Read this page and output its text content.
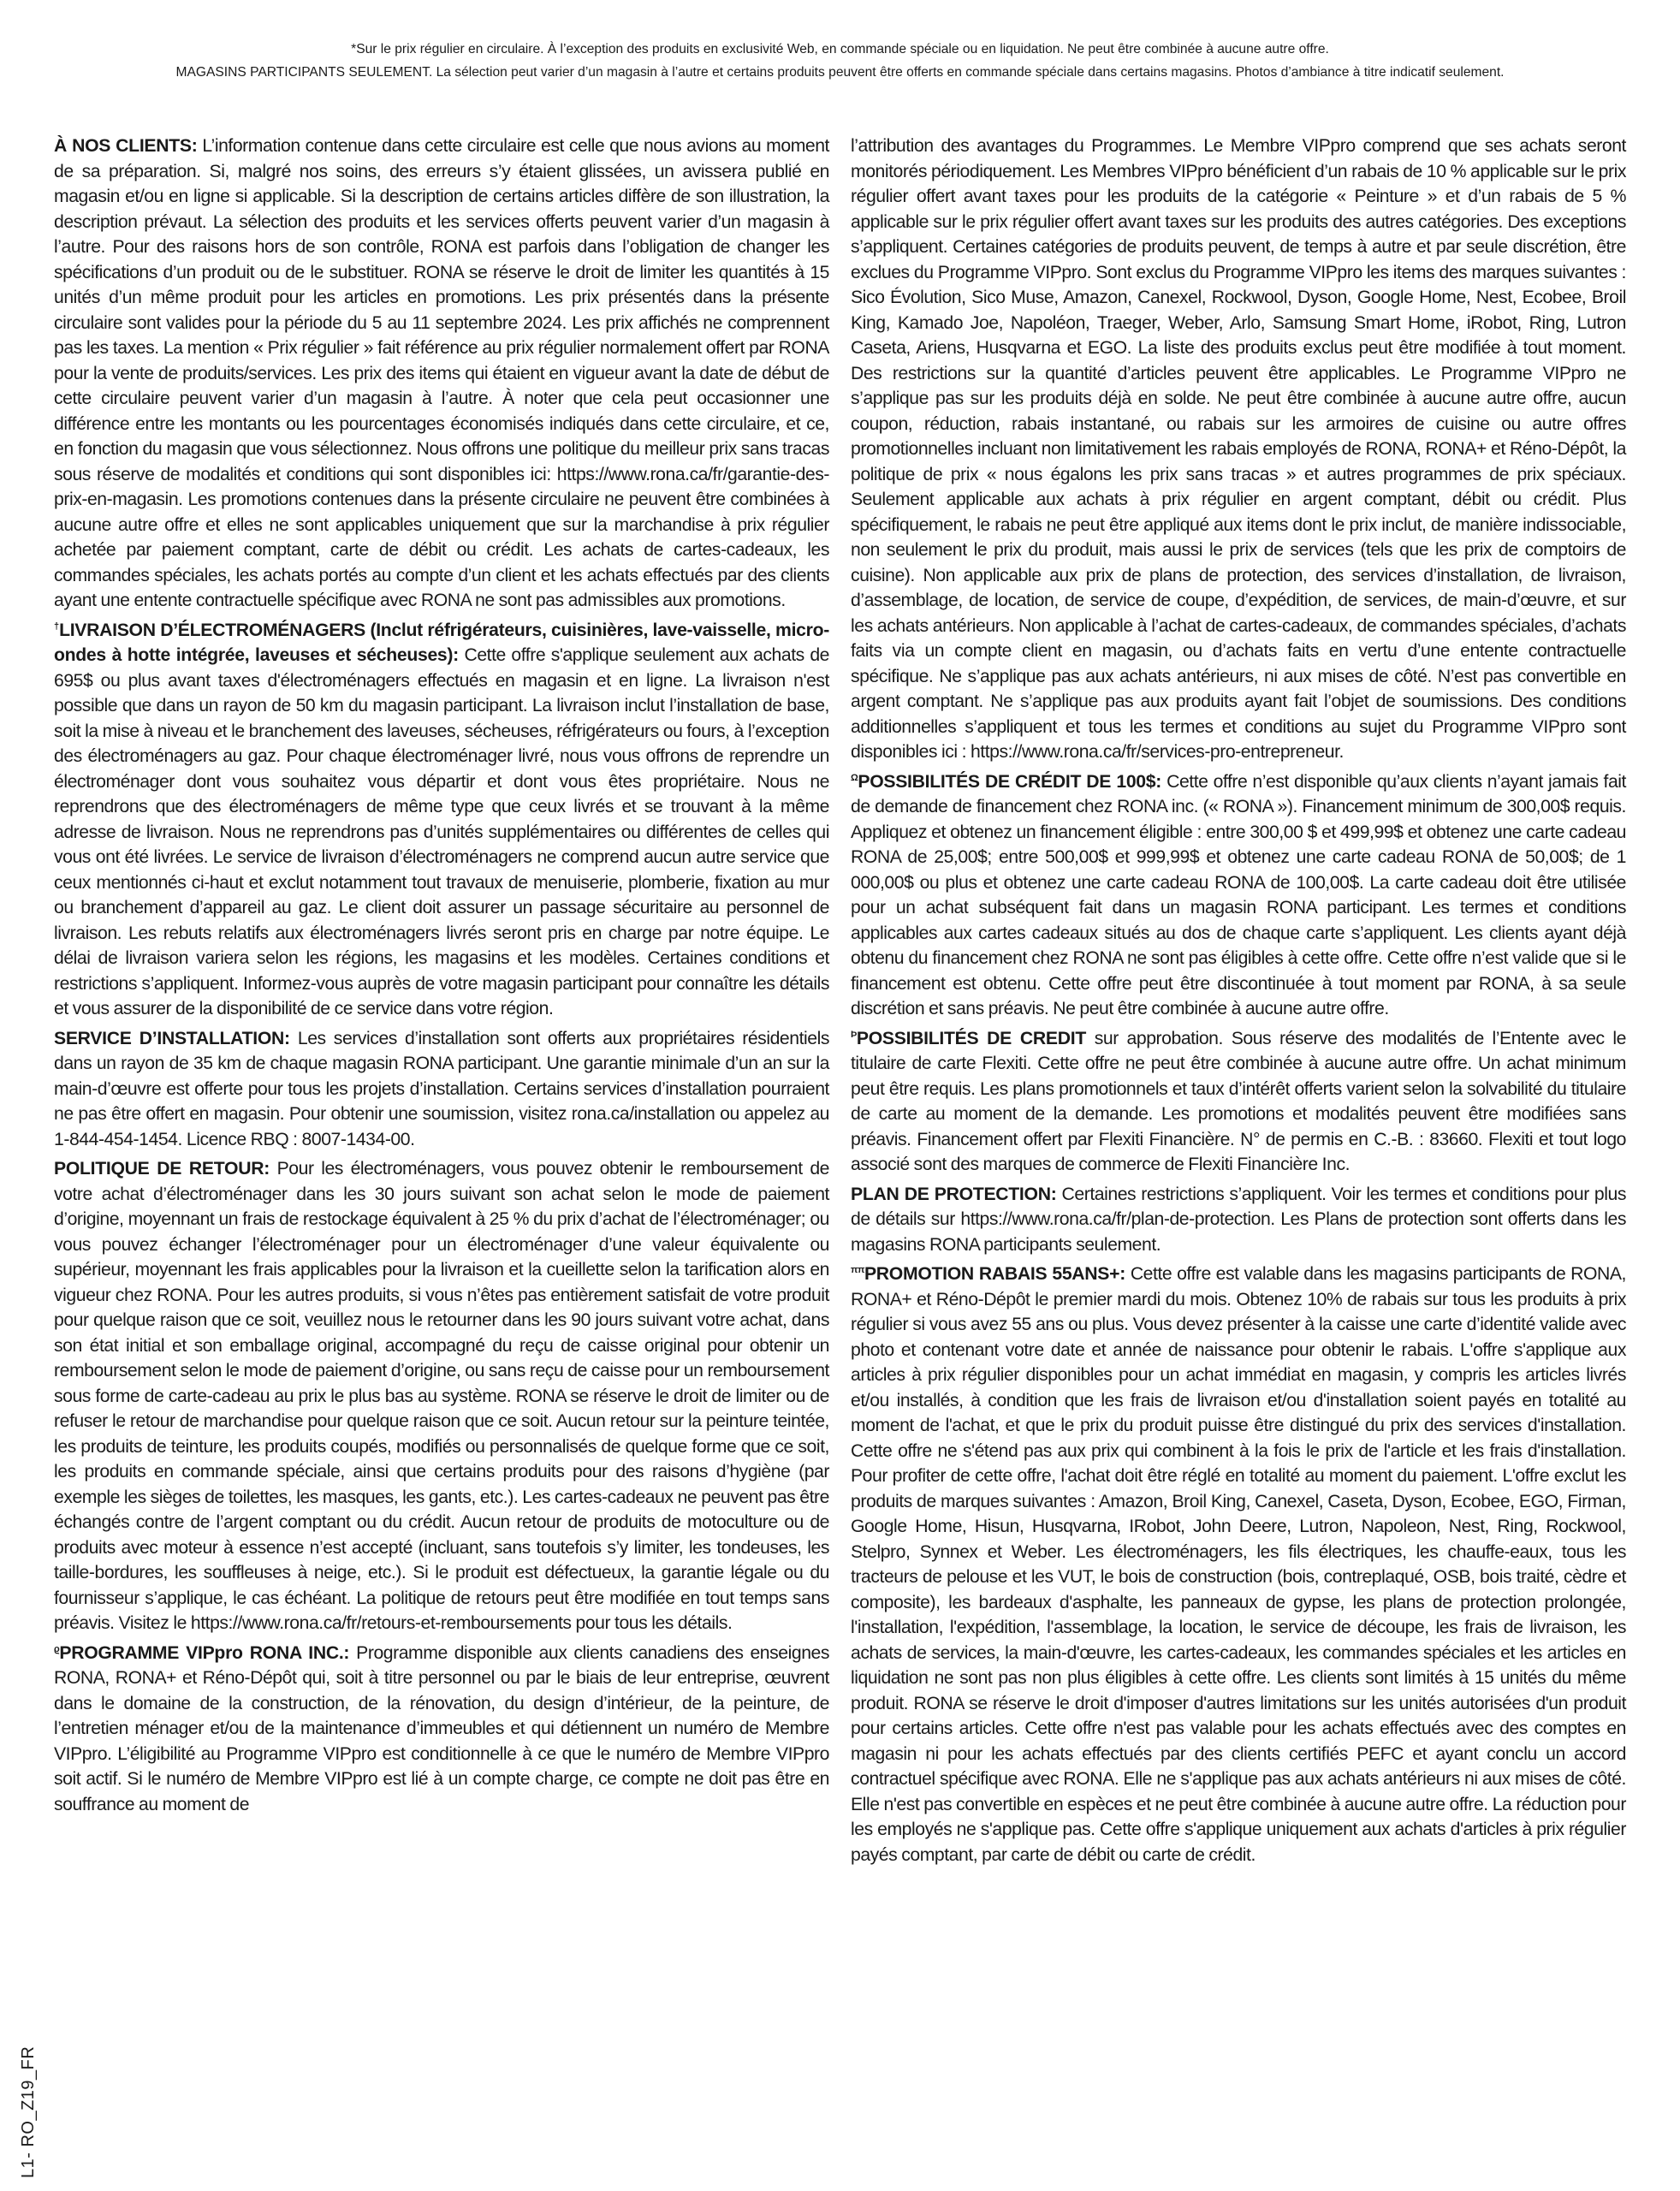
*Sur le prix régulier en circulaire. À l’exception des produits en exclusivité Web, en commande spéciale ou en liquidation. Ne peut être combinée à aucune autre offre.
MAGASINS PARTICIPANTS SEULEMENT. La sélection peut varier d’un magasin à l’autre et certains produits peuvent être offerts en commande spéciale dans certains magasins. Photos d’ambiance à titre indicatif seulement.

À NOS CLIENTS: L’information contenue dans cette circulaire est celle que nous avions au moment de sa préparation. Si, malgré nos soins, des erreurs s’y étaient glissées, un avissera publié en magasin et/ou en ligne si applicable. Si la description de certains articles diffère de son illustration, la description prévaut. La sélection des produits et les services offerts peuvent varier d’un magasin à l’autre. Pour des raisons hors de son contrôle, RONA est parfois dans l’obligation de changer les spécifications d’un produit ou de le substituer. RONA se réserve le droit de limiter les quantités à 15 unités d’un même produit pour les articles en promotions. Les prix présentés dans la présente circulaire sont valides pour la période du 5 au 11 septembre 2024. Les prix affichés ne comprennent pas les taxes. La mention « Prix régulier » fait référence au prix régulier normalement offert par RONA pour la vente de produits/services. Les prix des items qui étaient en vigueur avant la date de début de cette circulaire peuvent varier d’un magasin à l’autre. À noter que cela peut occasionner une différence entre les montants ou les pourcentages économisés indiqués dans cette circulaire, et ce, en fonction du magasin que vous sélectionnez. Nous offrons une politique du meilleur prix sans tracas sous réserve de modalités et conditions qui sont disponibles ici: https://www.rona.ca/fr/garantie-des-prix-en-magasin. Les promotions contenues dans la présente circulaire ne peuvent être combinées à aucune autre offre et elles ne sont applicables uniquement que sur la marchandise à prix régulier achetée par paiement comptant, carte de débit ou crédit. Les achats de cartes-cadeaux, les commandes spéciales, les achats portés au compte d’un client et les achats effectués par des clients ayant une entente contractuelle spécifique avec RONA ne sont pas admissibles aux promotions.

†LIVRAISON D’ÉLECTROMÉNAGERS (Inclut réfrigérateurs, cuisinières, lave-vaisselle, micro-ondes à hotte intégrée, laveuses et sécheuses): Cette offre s'applique seulement aux achats de 695$ ou plus avant taxes d'électroménagers effectués en magasin et en ligne. La livraison n'est possible que dans un rayon de 50 km du magasin participant. La livraison inclut l’installation de base, soit la mise à niveau et le branchement des laveuses, sécheuses, réfrigérateurs ou fours, à l’exception des électroménagers au gaz. Pour chaque électroménager livré, nous vous offrons de reprendre un électroménager dont vous souhaitez vous départir et dont vous êtes propriétaire. Nous ne reprendrons que des électroménagers de même type que ceux livrés et se trouvant à la même adresse de livraison. Nous ne reprendrons pas d’unités supplémentaires ou différentes de celles qui vous ont été livrées. Le service de livraison d’électroménagers ne comprend aucun autre service que ceux mentionnés ci-haut et exclut notamment tout travaux de menuiserie, plomberie, fixation au mur ou branchement d’appareil au gaz. Le client doit assurer un passage sécuritaire au personnel de livraison. Les rebuts relatifs aux électroménagers livrés seront pris en charge par notre équipe. Le délai de livraison variera selon les régions, les magasins et les modèles. Certaines conditions et restrictions s’appliquent. Informez-vous auprès de votre magasin participant pour connaître les détails et vous assurer de la disponibilité de ce service dans votre région.

SERVICE D’INSTALLATION: Les services d’installation sont offerts aux propriétaires résidentiels dans un rayon de 35 km de chaque magasin RONA participant. Une garantie minimale d’un an sur la main-d’œuvre est offerte pour tous les projets d’installation. Certains services d’installation pourraient ne pas être offert en magasin. Pour obtenir une soumission, visitez rona.ca/installation ou appelez au 1-844-454-1454. Licence RBQ : 8007-1434-00.

POLITIQUE DE RETOUR: Pour les électroménagers, vous pouvez obtenir le remboursement de votre achat d’électroménager dans les 30 jours suivant son achat selon le mode de paiement d’origine, moyennant un frais de restockage équivalent à 25 % du prix d’achat de l’électroménager; ou vous pouvez échanger l’électroménager pour un électroménager d’une valeur équivalente ou supérieur, moyennant les frais applicables pour la livraison et la cueillette selon la tarification alors en vigueur chez RONA. Pour les autres produits, si vous n’êtes pas entièrement satisfait de votre produit pour quelque raison que ce soit, veuillez nous le retourner dans les 90 jours suivant votre achat, dans son état initial et son emballage original, accompagné du reçu de caisse original pour obtenir un remboursement selon le mode de paiement d’origine, ou sans reçu de caisse pour un remboursement sous forme de carte-cadeau au prix le plus bas au système. RONA se réserve le droit de limiter ou de refuser le retour de marchandise pour quelque raison que ce soit. Aucun retour sur la peinture teintée, les produits de teinture, les produits coupés, modifiés ou personnalisés de quelque forme que ce soit, les produits en commande spéciale, ainsi que certains produits pour des raisons d’hygiène (par exemple les sièges de toilettes, les masques, les gants, etc.). Les cartes-cadeaux ne peuvent pas être échangés contre de l’argent comptant ou du crédit. Aucun retour de produits de motoculture ou de produits avec moteur à essence n’est accepté (incluant, sans toutefois s’y limiter, les tondeuses, les taille-bordures, les souffleuses à neige, etc.). Si le produit est défectueux, la garantie légale ou du fournisseur s’applique, le cas échéant. La politique de retours peut être modifiée en tout temps sans préavis. Visitez le https://www.rona.ca/fr/retours-et-remboursements pour tous les détails.

$^ϱ$PROGRAMME VIPpro RONA INC.: Programme disponible aux clients canadiens des enseignes RONA, RONA+ et Réno-Dépôt qui, soit à titre personnel ou par le biais de leur entreprise, œuvrent dans le domaine de la construction, de la rénovation, du design d’intérieur, de la peinture, de l’entretien ménager et/ou de la maintenance d’immeubles et qui détiennent un numéro de Membre VIPpro. L’éligibilité au Programme VIPpro est conditionnelle à ce que le numéro de Membre VIPpro soit actif. Si le numéro de Membre VIPpro est lié à un compte charge, ce compte ne doit pas être en souffrance au moment de

l’attribution des avantages du Programmes. Le Membre VIPpro comprend que ses achats seront monitorés périodiquement. Les Membres VIPpro bénéficient d’un rabais de 10 % applicable sur le prix régulier offert avant taxes pour les produits de la catégorie « Peinture » et d’un rabais de 5 % applicable sur le prix régulier offert avant taxes sur les produits des autres catégories. Des exceptions s’appliquent. Certaines catégories de produits peuvent, de temps à autre et par seule discrétion, être exclues du Programme VIPpro. Sont exclus du Programme VIPpro les items des marques suivantes : Sico Évolution, Sico Muse, Amazon, Canexel, Rockwool, Dyson, Google Home, Nest, Ecobee, Broil King, Kamado Joe, Napoléon, Traeger, Weber, Arlo, Samsung Smart Home, iRobot, Ring, Lutron Caseta, Ariens, Husqvarna et EGO. La liste des produits exclus peut être modifiée à tout moment. Des restrictions sur la quantité d’articles peuvent être applicables. Le Programme VIPpro ne s’applique pas sur les produits déjà en solde. Ne peut être combinée à aucune autre offre, aucun coupon, réduction, rabais instantané, ou rabais sur les armoires de cuisine ou autre offres promotionnelles incluant non limitativement les rabais employés de RONA, RONA+ et Réno-Dépôt, la politique de prix « nous égalons les prix sans tracas » et autres programmes de prix spéciaux. Seulement applicable aux achats à prix régulier en argent comptant, débit ou crédit. Plus spécifiquement, le rabais ne peut être appliqué aux items dont le prix inclut, de manière indissociable, non seulement le prix du produit, mais aussi le prix de services (tels que les prix de comptoirs de cuisine). Non applicable aux prix de plans de protection, des services d’installation, de livraison, d’assemblage, de location, de service de coupe, d’expédition, de services, de main-d’œuvre, et sur les achats antérieurs. Non applicable à l’achat de cartes-cadeaux, de commandes spéciales, d’achats faits via un compte client en magasin, ou d’achats faits en vertu d’une entente contractuelle spécifique. Ne s’applique pas aux achats antérieurs, ni aux mises de côté. N’est pas convertible en argent comptant. Ne s’applique pas aux produits ayant fait l’objet de soumissions. Des conditions additionnelles s’appliquent et tous les termes et conditions au sujet du Programme VIPpro sont disponibles ici : https://www.rona.ca/fr/services-pro-entrepreneur.

$^\Omega$POSSIBILITÉS DE CRÉDIT DE 100$: Cette offre n’est disponible qu’aux clients n’ayant jamais fait de demande de financement chez RONA inc. (« RONA »). Financement minimum de 300,00$ requis. Appliquez et obtenez un financement éligible : entre 300,00 $ et 499,99$ et obtenez une carte cadeau RONA de 25,00$; entre 500,00$ et 999,99$ et obtenez une carte cadeau RONA de 50,00$; de 1 000,00$ ou plus et obtenez une carte cadeau RONA de 100,00$. La carte cadeau doit être utilisée pour un achat subséquent fait dans un magasin RONA participant. Les termes et conditions applicables aux cartes cadeaux situés au dos de chaque carte s’appliquent. Les clients ayant déjà obtenu du financement chez RONA ne sont pas éligibles à cette offre. Cette offre n’est valide que si le financement est obtenu. Cette offre peut être discontinuée à tout moment par RONA, à sa seule discrétion et sans préavis. Ne peut être combinée à aucune autre offre.

$^Þ$POSSIBILITÉS DE CREDIT sur approbation. Sous réserve des modalités de l’Entente avec le titulaire de carte Flexiti. Cette offre ne peut être combinée à aucune autre offre. Un achat minimum peut être requis. Les plans promotionnels et taux d’intérêt offerts varient selon la solvabilité du titulaire de carte au moment de la demande. Les promotions et modalités peuvent être modifiées sans préavis. Financement offert par Flexiti Financière. N° de permis en C.-B. : 83660. Flexiti et tout logo associé sont des marques de commerce de Flexiti Financière Inc.

PLAN DE PROTECTION: Certaines restrictions s’appliquent. Voir les termes et conditions pour plus de détails sur https://www.rona.ca/fr/plan-de-protection. Les Plans de protection sont offerts dans les magasins RONA participants seulement.

$^{\pi\pi}$PROMOTION RABAIS 55ANS+: Cette offre est valable dans les magasins participants de RONA, RONA+ et Réno-Dépôt le premier mardi du mois. Obtenez 10% de rabais sur tous les produits à prix régulier si vous avez 55 ans ou plus. Vous devez présenter à la caisse une carte d’identité valide avec photo et contenant votre date et année de naissance pour obtenir le rabais. L'offre s'applique aux articles à prix régulier disponibles pour un achat immédiat en magasin, y compris les articles livrés et/ou installés, à condition que les frais de livraison et/ou d'installation soient payés en totalité au moment de l'achat, et que le prix du produit puisse être distingué du prix des services d'installation. Cette offre ne s'étend pas aux prix qui combinent à la fois le prix de l'article et les frais d'installation. Pour profiter de cette offre, l'achat doit être réglé en totalité au moment du paiement. L'offre exclut les produits de marques suivantes : Amazon, Broil King, Canexel, Caseta, Dyson, Ecobee, EGO, Firman, Google Home, Hisun, Husqvarna, IRobot, John Deere, Lutron, Napoleon, Nest, Ring, Rockwool, Stelpro, Synnex et Weber. Les électroménagers, les fils électriques, les chauffe-eaux, tous les tracteurs de pelouse et les VUT, le bois de construction (bois, contreplaqué, OSB, bois traité, cèdre et composite), les bardeaux d'asphalte, les panneaux de gypse, les plans de protection prolongée, l'installation, l'expédition, l'assemblage, la location, le service de découpe, les frais de livraison, les achats de services, la main-d'œuvre, les cartes-cadeaux, les commandes spéciales et les articles en liquidation ne sont pas non plus éligibles à cette offre. Les clients sont limités à 15 unités du même produit. RONA se réserve le droit d'imposer d'autres limitations sur les unités autorisées d'un produit pour certains articles. Cette offre n'est pas valable pour les achats effectués avec des comptes en magasin ni pour les achats effectués par des clients certifiés PEFC et ayant conclu un accord contractuel spécifique avec RONA. Elle ne s'applique pas aux achats antérieurs ni aux mises de côté. Elle n'est pas convertible en espèces et ne peut être combinée à aucune autre offre. La réduction pour les employés ne s'applique pas. Cette offre s'applique uniquement aux achats d'articles à prix régulier payés comptant, par carte de débit ou carte de crédit.

L1- RO_Z19_FR
